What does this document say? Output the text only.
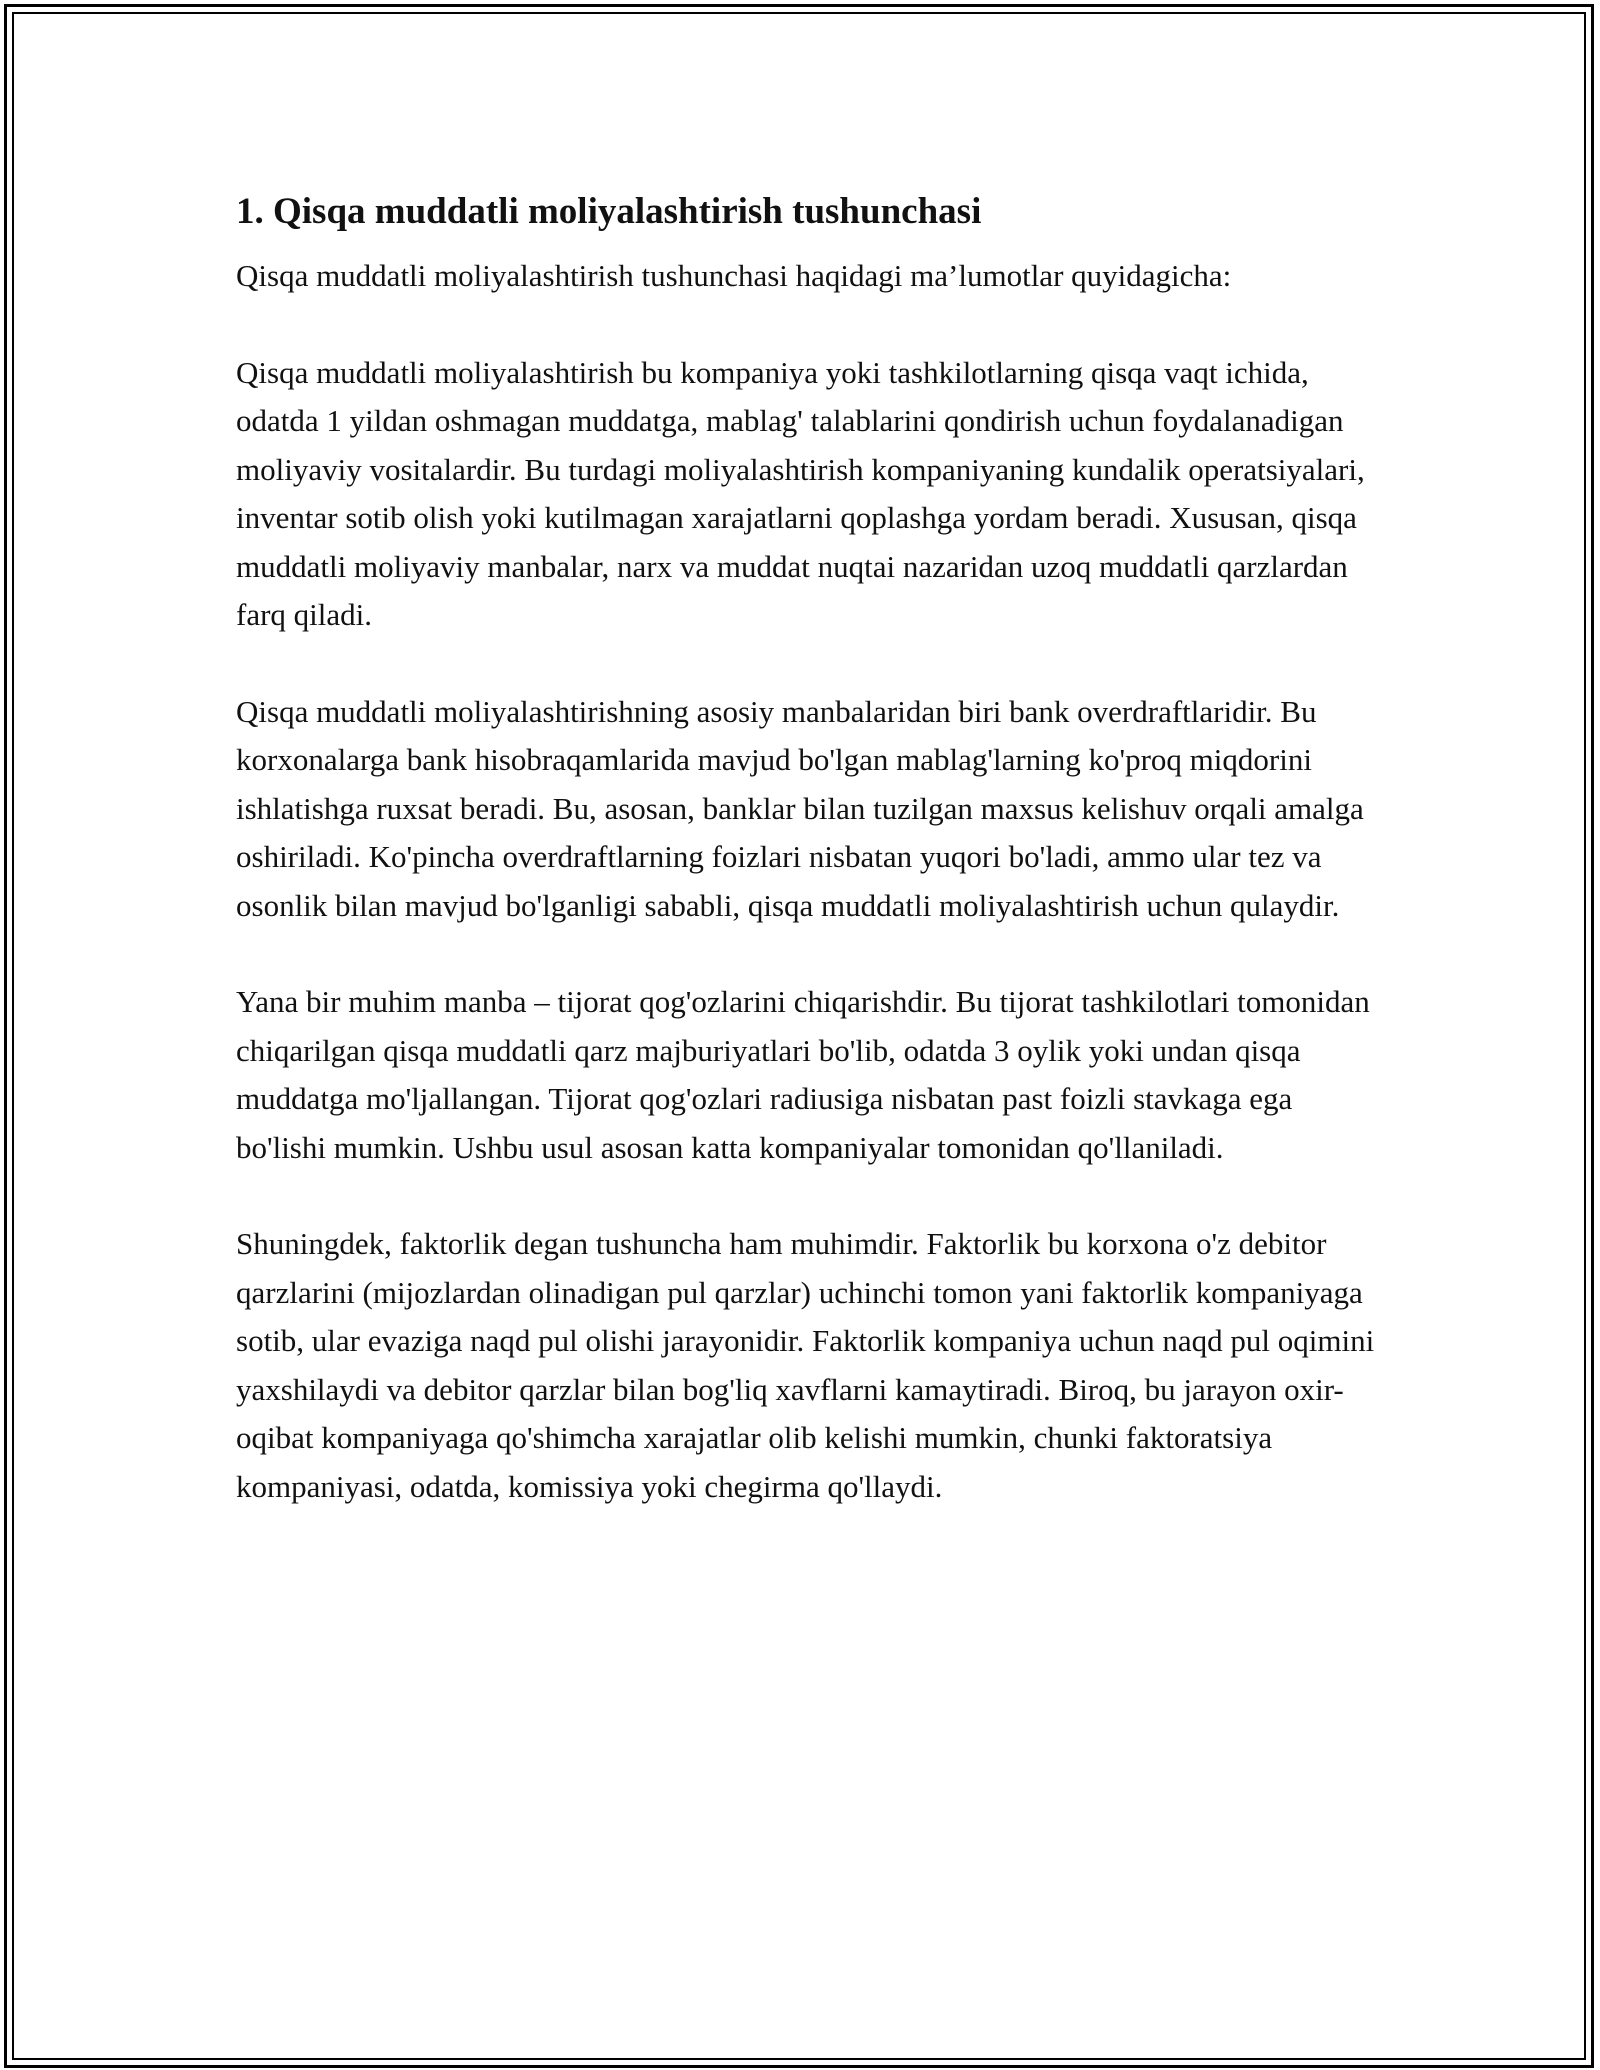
1. Qisqa muddatli moliyalashtirish tushunchasi

Qisqa muddatli moliyalashtirish tushunchasi haqidagi ma’lumotlar quyidagicha:

Qisqa muddatli moliyalashtirish bu kompaniya yoki tashkilotlarning qisqa vaqt ichida, odatda 1 yildan oshmagan muddatga, mablag' talablarini qondirish uchun foydalanadigan moliyaviy vositalardir. Bu turdagi moliyalashtirish kompaniyaning kundalik operatsiyalari, inventar sotib olish yoki kutilmagan xarajatlarni qoplashga yordam beradi. Xususan, qisqa muddatli moliyaviy manbalar, narx va muddat nuqtai nazaridan uzoq muddatli qarzlardan farq qiladi.

Qisqa muddatli moliyalashtirishning asosiy manbalaridan biri bank overdraftlaridir. Bu korxonalarga bank hisobraqamlarida mavjud bo'lgan mablag'larning ko'proq miqdorini ishlatishga ruxsat beradi. Bu, asosan, banklar bilan tuzilgan maxsus kelishuv orqali amalga oshiriladi. Ko'pincha overdraftlarning foizlari nisbatan yuqori bo'ladi, ammo ular tez va osonlik bilan mavjud bo'lganligi sababli, qisqa muddatli moliyalashtirish uchun qulaydir.

Yana bir muhim manba – tijorat qog'ozlarini chiqarishdir. Bu tijorat tashkilotlari tomonidan chiqarilgan qisqa muddatli qarz majburiyatlari bo'lib, odatda 3 oylik yoki undan qisqa muddatga mo'ljallangan. Tijorat qog'ozlari radiusiga nisbatan past foizli stavkaga ega bo'lishi mumkin. Ushbu usul asosan katta kompaniyalar tomonidan qo'llaniladi.

Shuningdek, faktorlik degan tushuncha ham muhimdir. Faktorlik bu korxona o'z debitor qarzlarini (mijozlardan olinadigan pul qarzlar) uchinchi tomon yani faktorlik kompaniyaga sotib, ular evaziga naqd pul olishi jarayonidir. Faktorlik kompaniya uchun naqd pul oqimini yaxshilaydi va debitor qarzlar bilan bog'liq xavflarni kamaytiradi. Biroq, bu jarayon oxir-oqibat kompaniyaga qo'shimcha xarajatlar olib kelishi mumkin, chunki faktoratsiya kompaniyasi, odatda, komissiya yoki chegirma qo'llaydi.
